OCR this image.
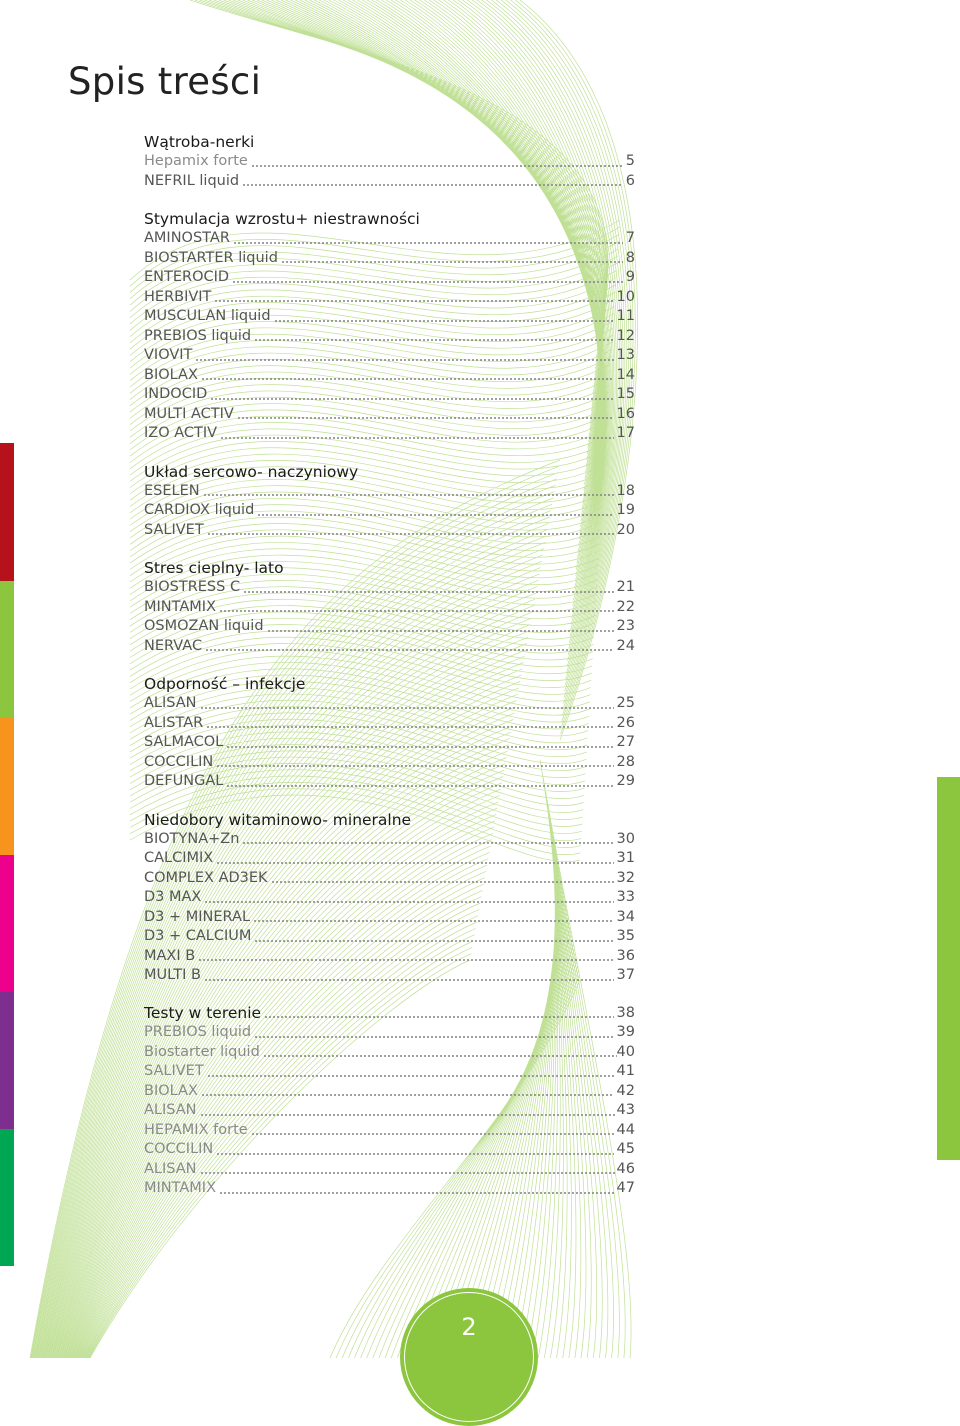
Spis treści
Wątroba-nerki
Hepamix forte	5
NEFRIL liquid	6
Stymulacja wzrostu+ niestrawności
AMINOSTAR	7
BIOSTARTER liquid	8
ENTEROCID	9
HERBIVIT	10
MUSCULAN liquid	11
PREBIOS liquid	12
VIOVIT	13
BIOLAX	14
INDOCID	15
MULTI ACTIV	16
IZO ACTIV	17
Układ sercowo- naczyniowy
ESELEN	18
CARDIOX liquid	19
SALIVET	20
Stres cieplny- lato
BIOSTRESS C	21
MINTAMIX	22
OSMOZAN liquid	23
NERVAC	24
Odporność – infekcje
ALISAN	25
ALISTAR	26
SALMACOL	27
COCCILIN	28
DEFUNGAL	29
Niedobory witaminowo- mineralne
BIOTYNA+Zn	30
CALCIMIX	31
COMPLEX AD3EK	32
D3 MAX	33
D3 + MINERAL	34
D3 + CALCIUM	35
MAXI B	36
MULTI B	37
Testy w terenie	38
PREBIOS liquid	39
Biostarter liquid	40
SALIVET	41
BIOLAX	42
ALISAN	43
HEPAMIX forte	44
COCCILIN	45
ALISAN	46
MINTAMIX	47
2
